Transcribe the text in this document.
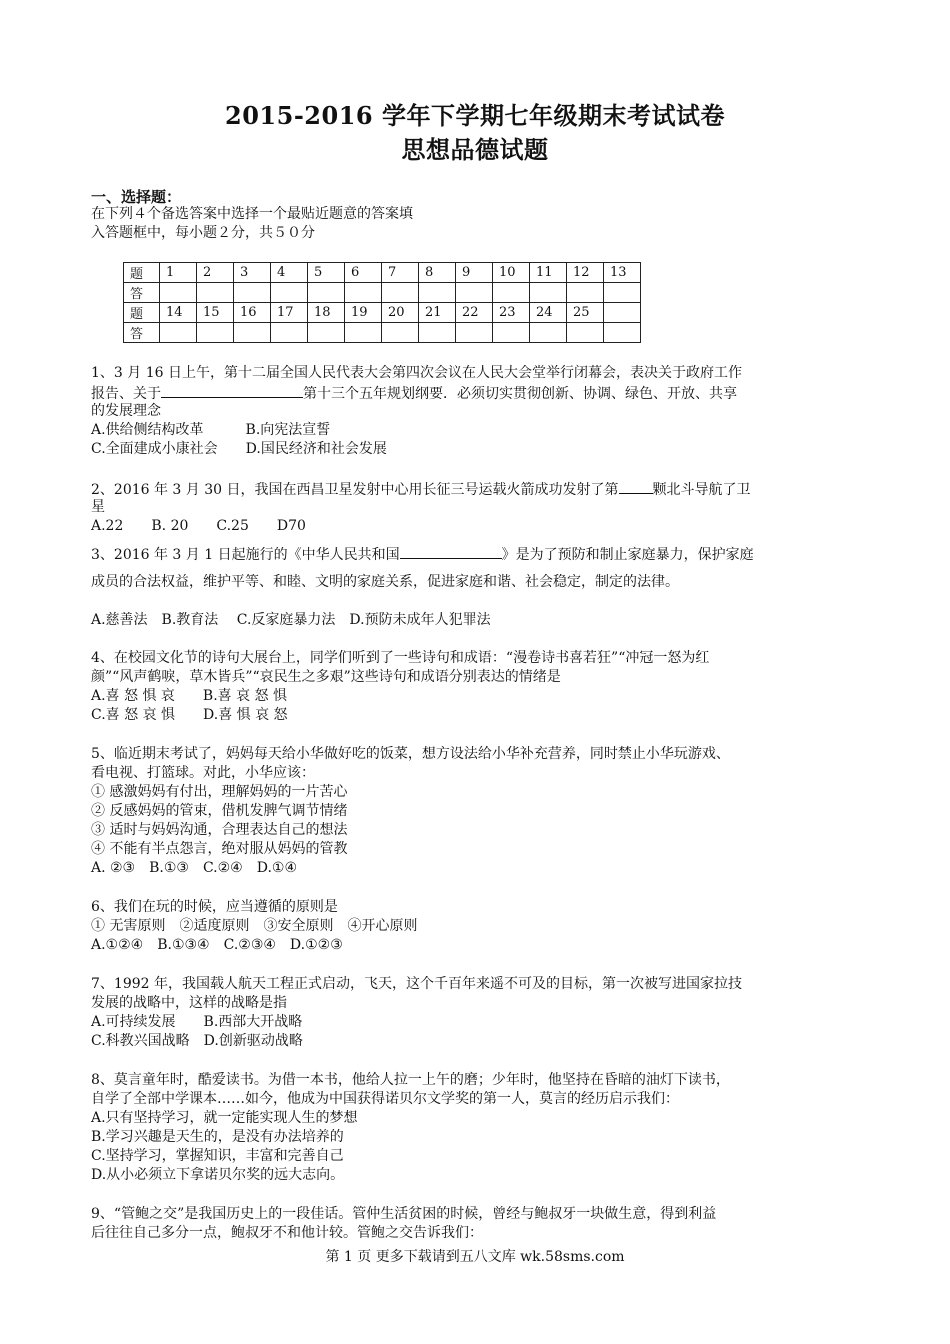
2015-2016 学年下学期七年级期末考试试卷
思想品德试题
一、选择题：
在下列４个备选答案中选择一个最贴近题意的答案填
入答题框中，每小题２分，共５０分
题	1	2	3	4	5	6	7	8	9	10	11	12	13
答													
题	14	15	16	17	18	19	20	21	22	23	24	25	
答													
1、3 月 16 日上午，第十二届全国人民代表大会第四次会议在人民大会堂举行闭幕会，表决关于政府工作
报告、关于	第十三个五年规划纲要．必须切实贯彻创新、协调、绿色、开放、共享
的发展理念
A.供给侧结构改革　　　B.向宪法宣誓
C.全面建成小康社会　　D.国民经济和社会发展
2、2016 年 3 月 30 日，我国在西昌卫星发射中心用长征三号运载火箭成功发射了第 颗北斗导航了卫
星
A.22　　B. 20　　C.25　　D70
3、2016 年 3 月 1 日起施行的《中华人民共和国	》是为了预防和制止家庭暴力，保护家庭
成员的合法权益，维护平等、和睦、文明的家庭关系，促进家庭和谐、社会稳定，制定的法律。
A.慈善法　B.教育法　 C.反家庭暴力法　D.预防未成年人犯罪法
4、在校园文化节的诗句大展台上，同学们听到了一些诗句和成语：“漫卷诗书喜若狂”“冲冠一怒为红
颜”“风声鹤唳，草木皆兵”“哀民生之多艰”这些诗句和成语分别表达的情绪是
A.喜 怒 惧 哀　　B.喜 哀 怒 惧
C.喜 怒 哀 惧　　D.喜 惧 哀 怒
5、临近期末考试了，妈妈每天给小华做好吃的饭菜，想方设法给小华补充营养，同时禁止小华玩游戏、
看电视、打篮球。对此，小华应该：
① 感激妈妈有付出，理解妈妈的一片苦心
② 反感妈妈的管束，借机发脾气调节情绪
③ 适时与妈妈沟通，合理表达自己的想法
④ 不能有半点怨言，绝对服从妈妈的管教
A. ②③　B.①③　C.②④　D.①④
6、我们在玩的时候，应当遵循的原则是
① 无害原则　②适度原则　③安全原则　④开心原则
A.①②④　B.①③④　C.②③④　D.①②③
7、1992 年，我国载人航天工程正式启动，飞天，这个千百年来遥不可及的目标，第一次被写进国家拉技
发展的战略中，这样的战略是指
A.可持续发展　　B.西部大开战略
C.科教兴国战略　D.创新驱动战略
8、莫言童年时，酷爱读书。为借一本书，他给人拉一上午的磨；少年时，他坚持在昏暗的油灯下读书，
自学了全部中学课本……如今，他成为中国获得诺贝尔文学奖的第一人，莫言的经历启示我们：
A.只有坚持学习，就一定能实现人生的梦想
B.学习兴趣是天生的，是没有办法培养的
C.坚持学习，掌握知识，丰富和完善自己
D.从小必须立下拿诺贝尔奖的远大志向。
9、“管鲍之交”是我国历史上的一段佳话。管仲生活贫困的时候，曾经与鲍叔牙一块做生意，得到利益
后往往自己多分一点，鲍叔牙不和他计较。管鲍之交告诉我们：
第 1 页 更多下载请到五八文库 wk.58sms.com
